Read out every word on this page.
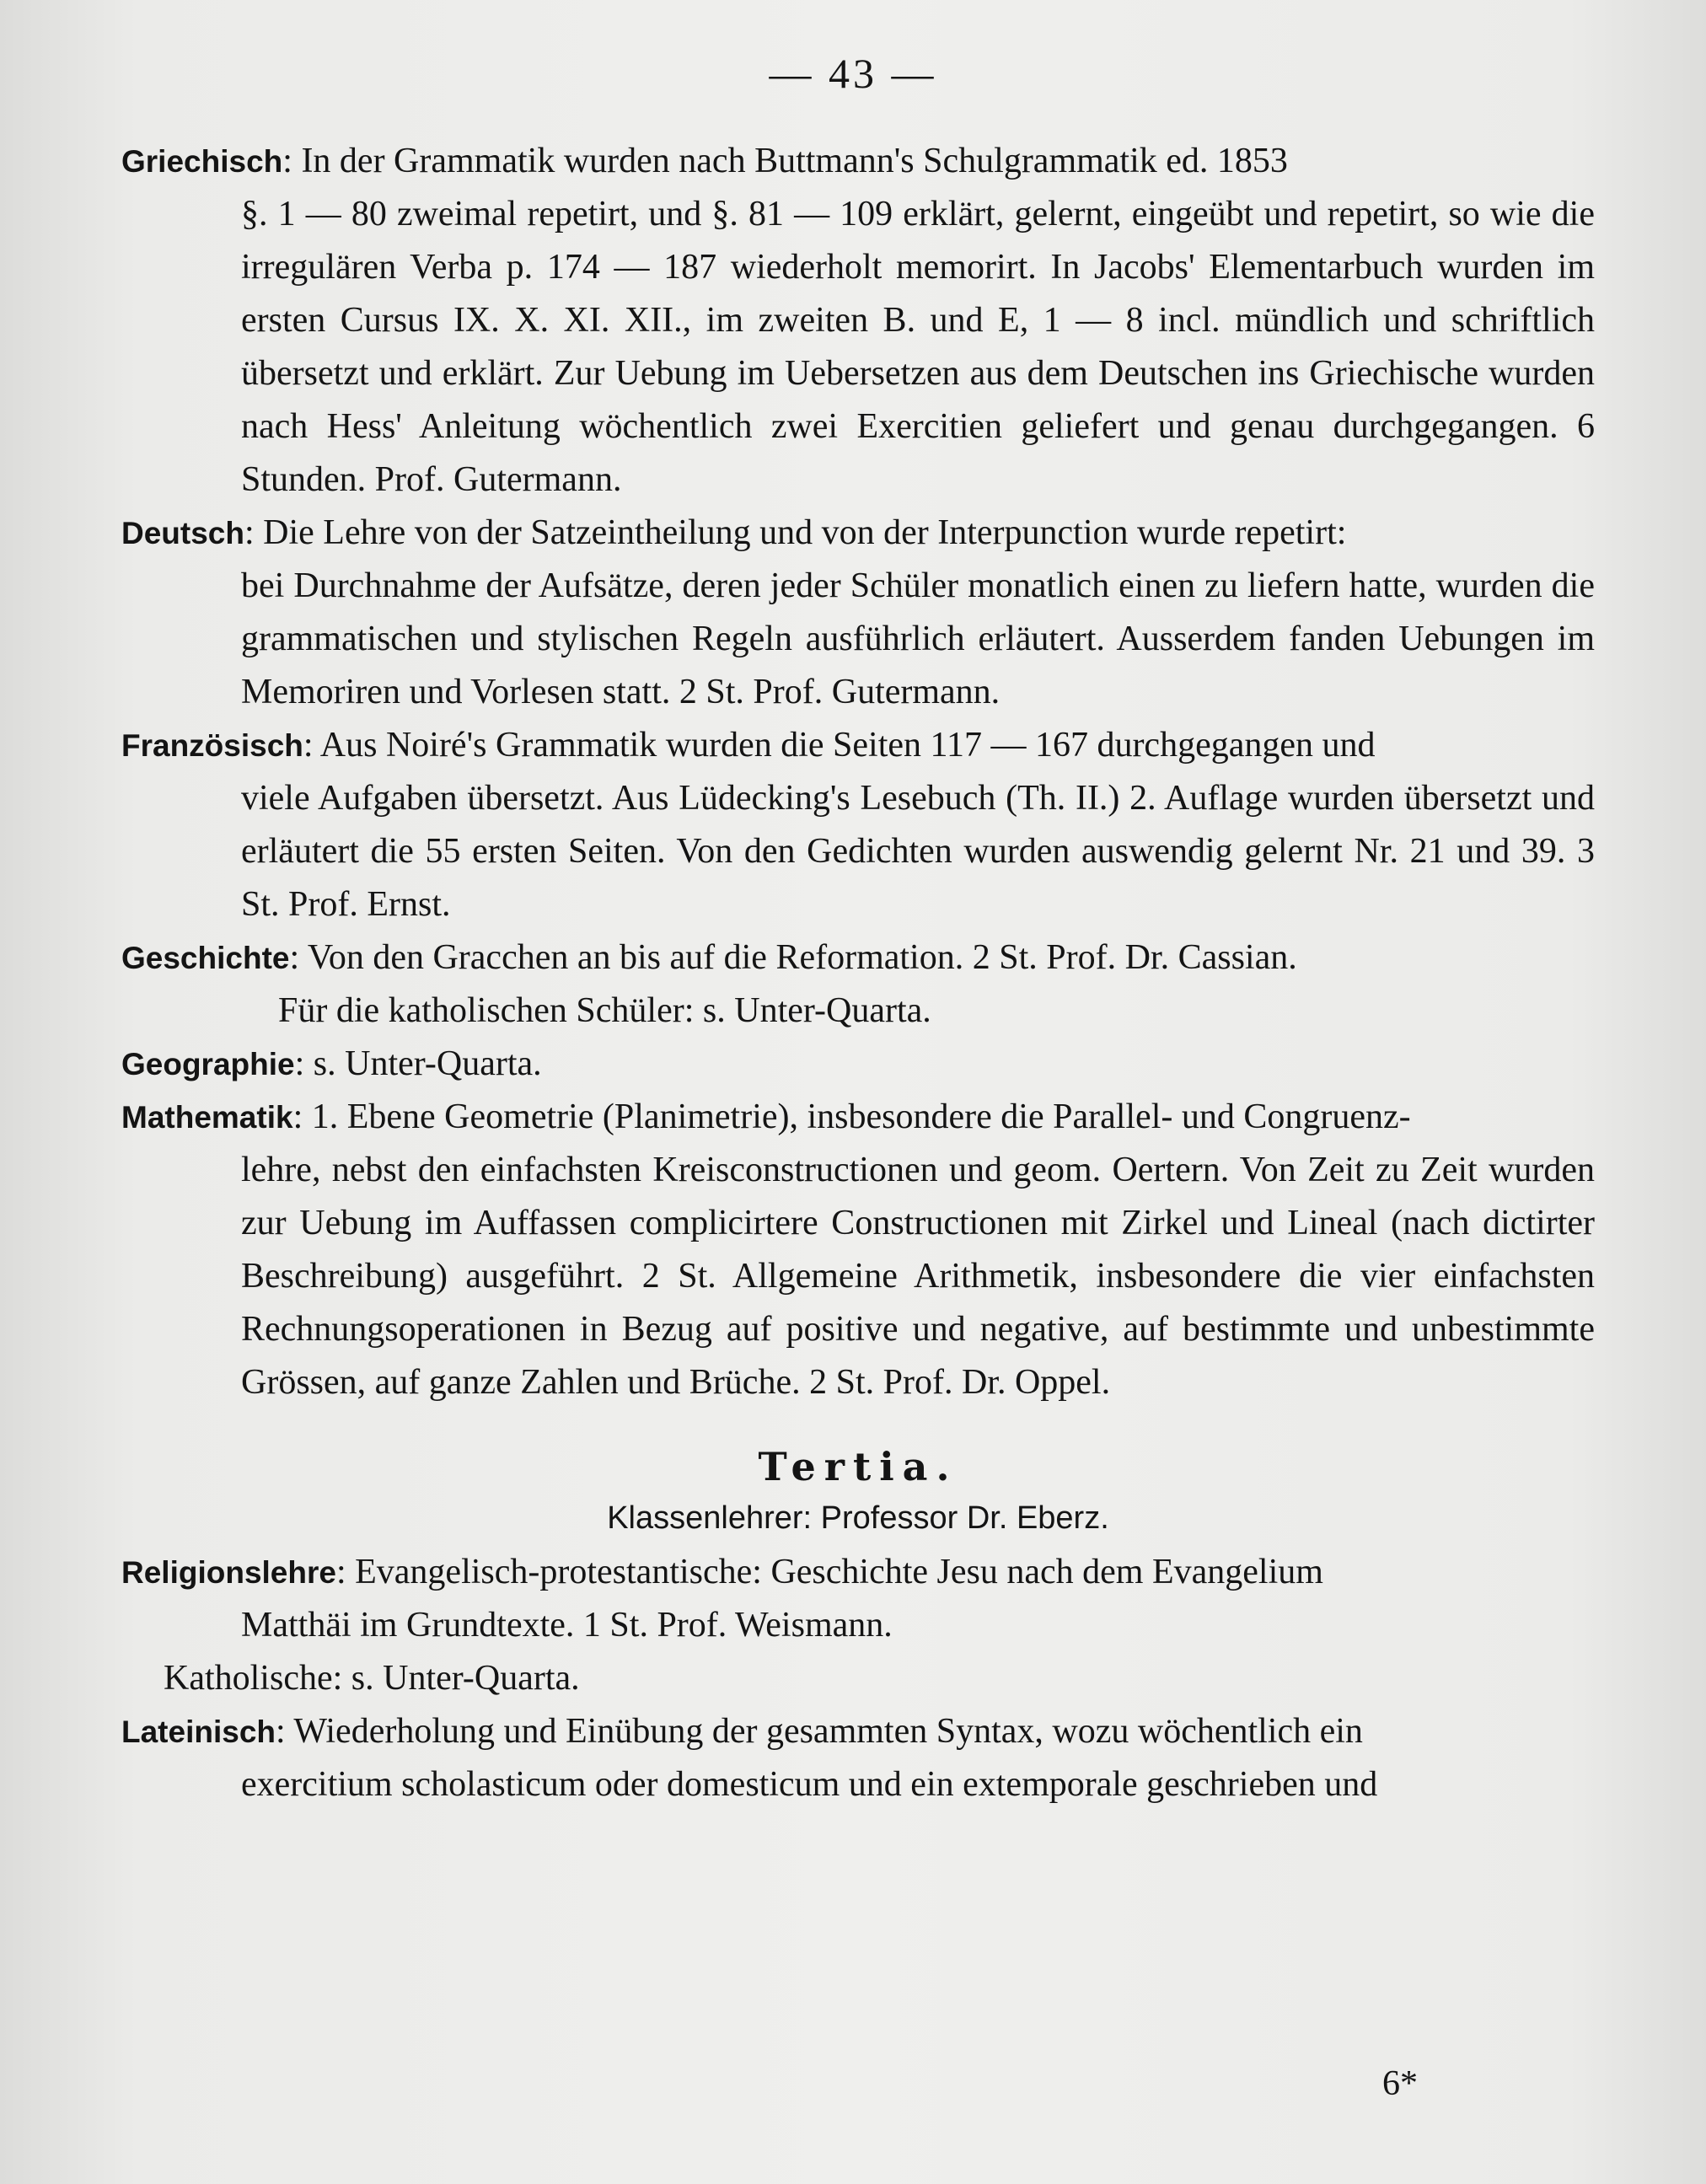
— 43 —

Griechisch: In der Grammatik wurden nach Buttmann's Schulgrammatik ed. 1853
§. 1 — 80 zweimal repetirt, und §. 81 — 109 erklärt, gelernt, eingeübt und repetirt, so wie die irregulären Verba p. 174 — 187 wiederholt memorirt. In Jacobs' Elementarbuch wurden im ersten Cursus IX. X. XI. XII., im zweiten B. und E, 1 — 8 incl. mündlich und schriftlich übersetzt und erklärt. Zur Uebung im Uebersetzen aus dem Deutschen ins Griechische wurden nach Hess' Anleitung wöchentlich zwei Exercitien geliefert und genau durchgegangen. 6 Stunden. Prof. Gutermann.

Deutsch: Die Lehre von der Satzeintheilung und von der Interpunction wurde repetirt:
bei Durchnahme der Aufsätze, deren jeder Schüler monatlich einen zu liefern hatte, wurden die grammatischen und stylischen Regeln ausführlich erläutert. Ausserdem fanden Uebungen im Memoriren und Vorlesen statt. 2 St. Prof. Gutermann.

Französisch: Aus Noiré's Grammatik wurden die Seiten 117 — 167 durchgegangen und
viele Aufgaben übersetzt. Aus Lüdecking's Lesebuch (Th. II.) 2. Auflage wurden übersetzt und erläutert die 55 ersten Seiten. Von den Gedichten wurden auswendig gelernt Nr. 21 und 39. 3 St. Prof. Ernst.

Geschichte: Von den Gracchen an bis auf die Reformation. 2 St. Prof. Dr. Cassian.
Für die katholischen Schüler: s. Unter-Quarta.

Geographie: s. Unter-Quarta.

Mathematik: 1. Ebene Geometrie (Planimetrie), insbesondere die Parallel- und Congruenz-
lehre, nebst den einfachsten Kreisconstructionen und geom. Oertern. Von Zeit zu Zeit wurden zur Uebung im Auffassen complicirtere Constructionen mit Zirkel und Lineal (nach dictirter Beschreibung) ausgeführt. 2 St. Allgemeine Arithmetik, insbesondere die vier einfachsten Rechnungsoperationen in Bezug auf positive und negative, auf bestimmte und unbestimmte Grössen, auf ganze Zahlen und Brüche. 2 St. Prof. Dr. Oppel.

Tertia.
Klassenlehrer: Professor Dr. Eberz.

Religionslehre: Evangelisch-protestantische: Geschichte Jesu nach dem Evangelium
Matthäi im Grundtexte. 1 St. Prof. Weismann.
Katholische: s. Unter-Quarta.

Lateinisch: Wiederholung und Einübung der gesammten Syntax, wozu wöchentlich ein
exercitium scholasticum oder domesticum und ein extemporale geschrieben und

6*
